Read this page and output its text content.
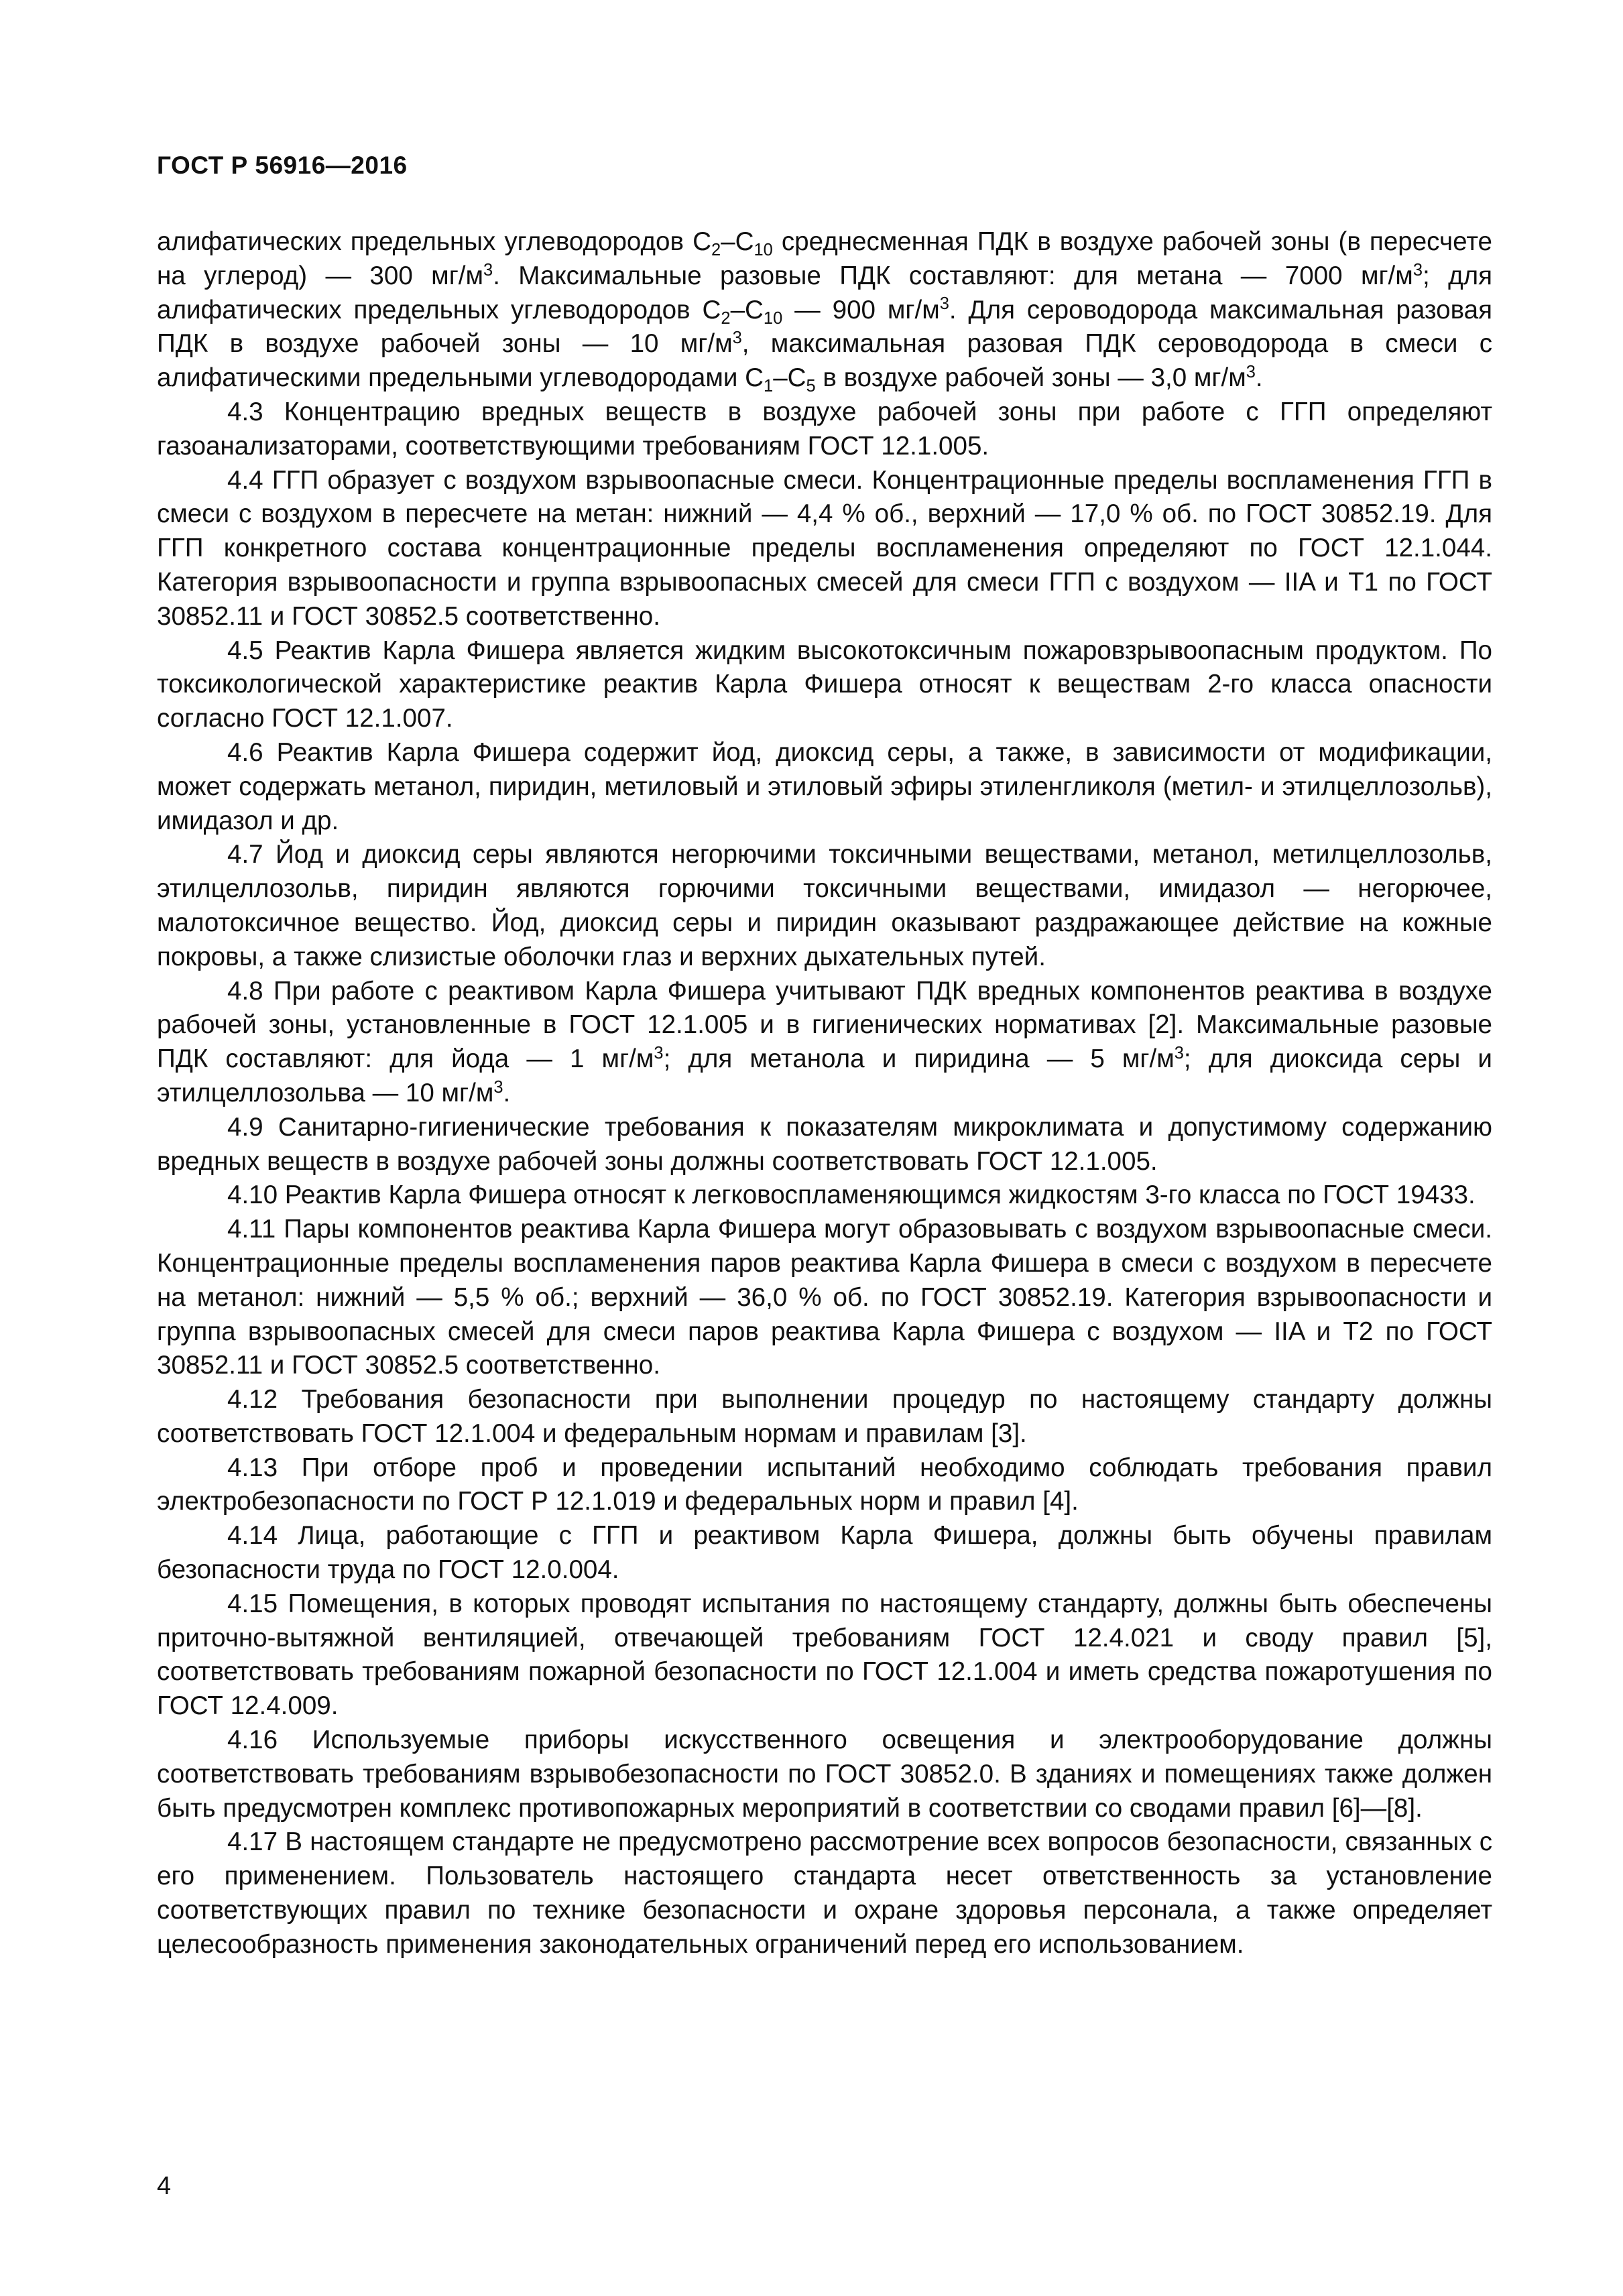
ГОСТ Р 56916—2016

алифатических предельных углеводородов $C_2-C_{10}$ среднесменная ПДК в воздухе рабочей зоны (в пересчете на углерод) — 300 $мг/м^3$. Максимальные разовые ПДК составляют: для метана — 7000 $мг/м^3$; для алифатических предельных углеводородов $C_2-C_{10}$ — 900 $мг/м^3$. Для сероводорода максимальная разовая ПДК в воздухе рабочей зоны — 10 $мг/м^3$, максимальная разовая ПДК сероводорода в смеси с алифатическими предельными углеводородами $C_1-C_5$ в воздухе рабочей зоны — 3,0 $мг/м^3$.

4.3 Концентрацию вредных веществ в воздухе рабочей зоны при работе с ГГП определяют газоанализаторами, соответствующими требованиям ГОСТ 12.1.005.

4.4 ГГП образует с воздухом взрывоопасные смеси. Концентрационные пределы воспламенения ГГП в смеси с воздухом в пересчете на метан: нижний — 4,4 % об., верхний — 17,0 % об. по ГОСТ 30852.19. Для ГГП конкретного состава концентрационные пределы воспламенения определяют по ГОСТ 12.1.044. Категория взрывоопасности и группа взрывоопасных смесей для смеси ГГП с воздухом — IIA и T1 по ГОСТ 30852.11 и ГОСТ 30852.5 соответственно.

4.5 Реактив Карла Фишера является жидким высокотоксичным пожаровзрывоопасным продуктом. По токсикологической характеристике реактив Карла Фишера относят к веществам 2-го класса опасности согласно ГОСТ 12.1.007.

4.6 Реактив Карла Фишера содержит йод, диоксид серы, а также, в зависимости от модификации, может содержать метанол, пиридин, метиловый и этиловый эфиры этиленгликоля (метил- и этилцеллозольв), имидазол и др.

4.7 Йод и диоксид серы являются негорючими токсичными веществами, метанол, метилцеллозольв, этилцеллозольв, пиридин являются горючими токсичными веществами, имидазол — негорючее, малотоксичное вещество. Йод, диоксид серы и пиридин оказывают раздражающее действие на кожные покровы, а также слизистые оболочки глаз и верхних дыхательных путей.

4.8 При работе с реактивом Карла Фишера учитывают ПДК вредных компонентов реактива в воздухе рабочей зоны, установленные в ГОСТ 12.1.005 и в гигиенических нормативах [2]. Максимальные разовые ПДК составляют: для йода — 1 $мг/м^3$; для метанола и пиридина — 5 $мг/м^3$; для диоксида серы и этилцеллозольва — 10 $мг/м^3$.

4.9 Санитарно-гигиенические требования к показателям микроклимата и допустимому содержанию вредных веществ в воздухе рабочей зоны должны соответствовать ГОСТ 12.1.005.

4.10 Реактив Карла Фишера относят к легковоспламеняющимся жидкостям 3-го класса по ГОСТ 19433.

4.11 Пары компонентов реактива Карла Фишера могут образовывать с воздухом взрывоопасные смеси. Концентрационные пределы воспламенения паров реактива Карла Фишера в смеси с воздухом в пересчете на метанол: нижний — 5,5 % об.; верхний — 36,0 % об. по ГОСТ 30852.19. Категория взрывоопасности и группа взрывоопасных смесей для смеси паров реактива Карла Фишера с воздухом — IIA и T2 по ГОСТ 30852.11 и ГОСТ 30852.5 соответственно.

4.12 Требования безопасности при выполнении процедур по настоящему стандарту должны соответствовать ГОСТ 12.1.004 и федеральным нормам и правилам [3].

4.13 При отборе проб и проведении испытаний необходимо соблюдать требования правил электробезопасности по ГОСТ Р 12.1.019 и федеральных норм и правил [4].

4.14 Лица, работающие с ГГП и реактивом Карла Фишера, должны быть обучены правилам безопасности труда по ГОСТ 12.0.004.

4.15 Помещения, в которых проводят испытания по настоящему стандарту, должны быть обеспечены приточно-вытяжной вентиляцией, отвечающей требованиям ГОСТ 12.4.021 и своду правил [5], соответствовать требованиям пожарной безопасности по ГОСТ 12.1.004 и иметь средства пожаротушения по ГОСТ 12.4.009.

4.16 Используемые приборы искусственного освещения и электрооборудование должны соответствовать требованиям взрывобезопасности по ГОСТ 30852.0. В зданиях и помещениях также должен быть предусмотрен комплекс противопожарных мероприятий в соответствии со сводами правил [6]—[8].

4.17 В настоящем стандарте не предусмотрено рассмотрение всех вопросов безопасности, связанных с его применением. Пользователь настоящего стандарта несет ответственность за установление соответствующих правил по технике безопасности и охране здоровья персонала, а также определяет целесообразность применения законодательных ограничений перед его использованием.

4
